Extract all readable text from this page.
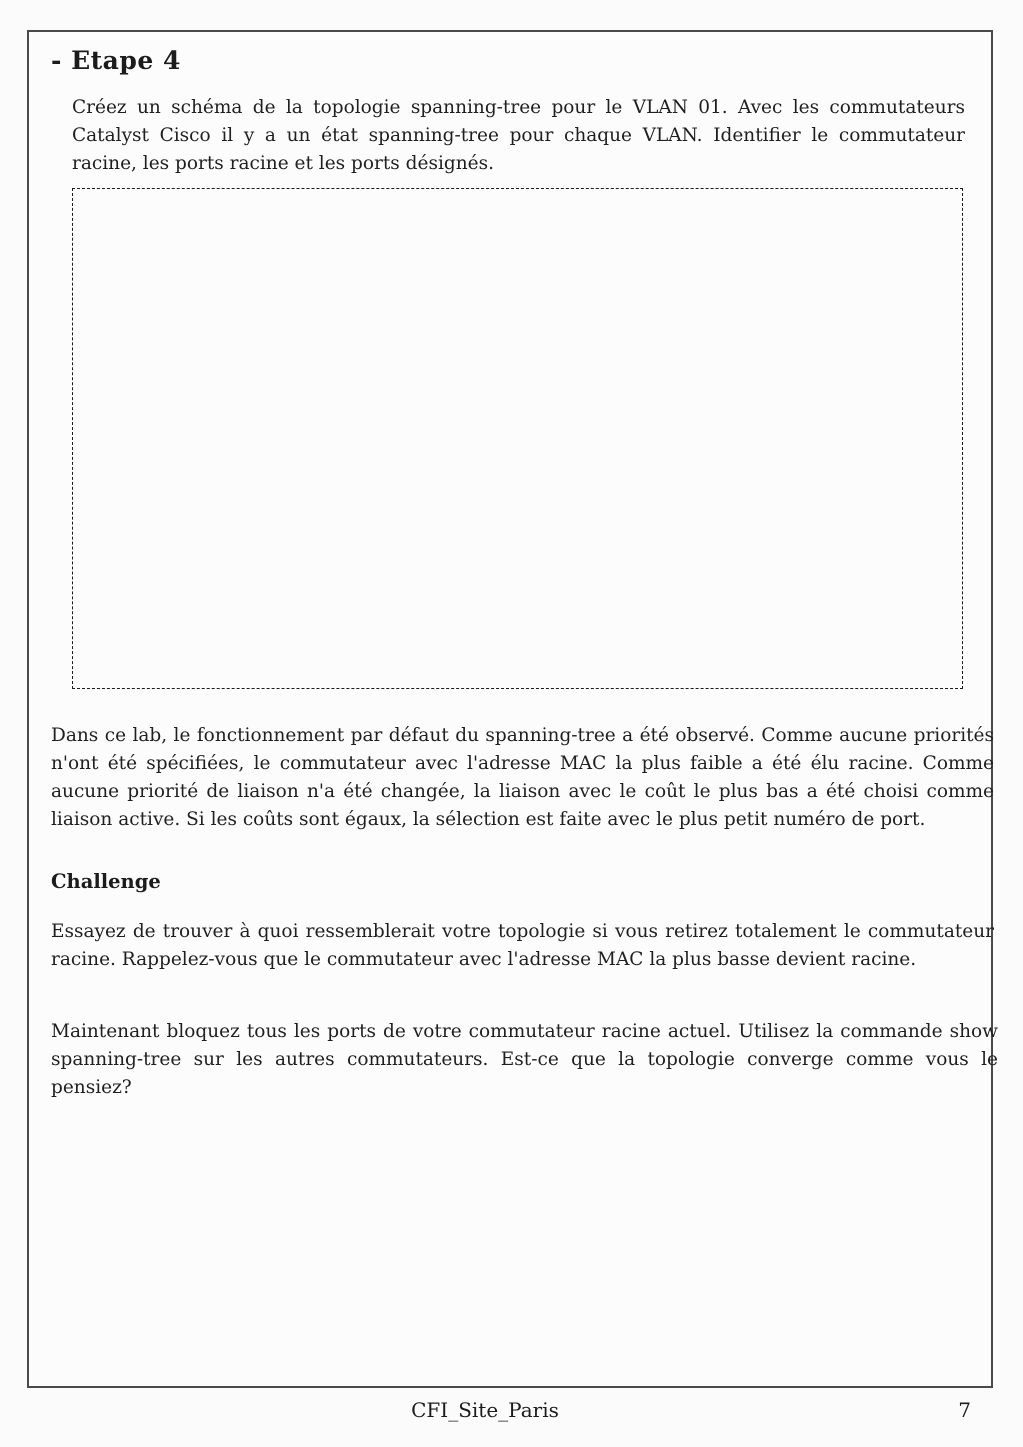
- Etape 4

Créez un schéma de la topologie spanning-tree pour le VLAN 01. Avec les commutateurs Catalyst Cisco il y a un état spanning-tree pour chaque VLAN. Identifier le commutateur racine, les ports racine et les ports désignés.

Dans ce lab, le fonctionnement par défaut du spanning-tree a été observé. Comme aucune priorités n'ont été spécifiées, le commutateur avec l'adresse MAC la plus faible a été élu racine. Comme aucune priorité de liaison n'a été changée, la liaison avec le coût le plus bas a été choisi comme liaison active. Si les coûts sont égaux, la sélection est faite avec le plus petit numéro de port.

Challenge

Essayez de trouver à quoi ressemblerait votre topologie si vous retirez totalement le commutateur racine. Rappelez-vous que le commutateur avec l'adresse MAC la plus basse devient racine.

Maintenant bloquez tous les ports de votre commutateur racine actuel. Utilisez la commande show spanning-tree sur les autres commutateurs. Est-ce que la topologie converge comme vous le pensiez?

CFI_Site_Paris	7
